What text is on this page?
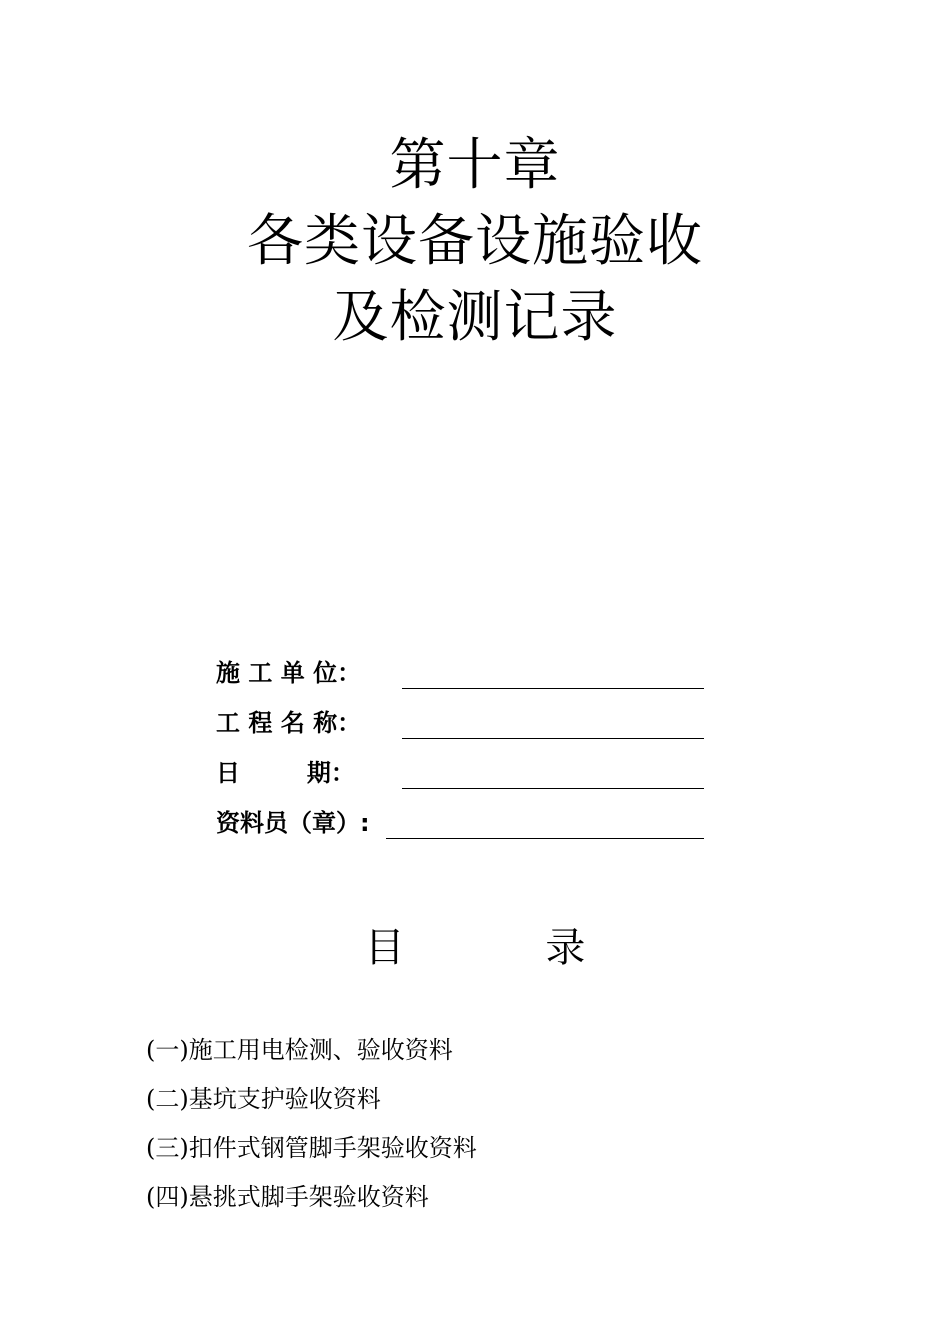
第十章
各类设备设施验收
及检测记录
施 工 单 位：
工 程 名 称：
日        期：
资料员（章）:
目 录
(一)施工用电检测、验收资料
(二)基坑支护验收资料
(三)扣件式钢管脚手架验收资料
(四)悬挑式脚手架验收资料
